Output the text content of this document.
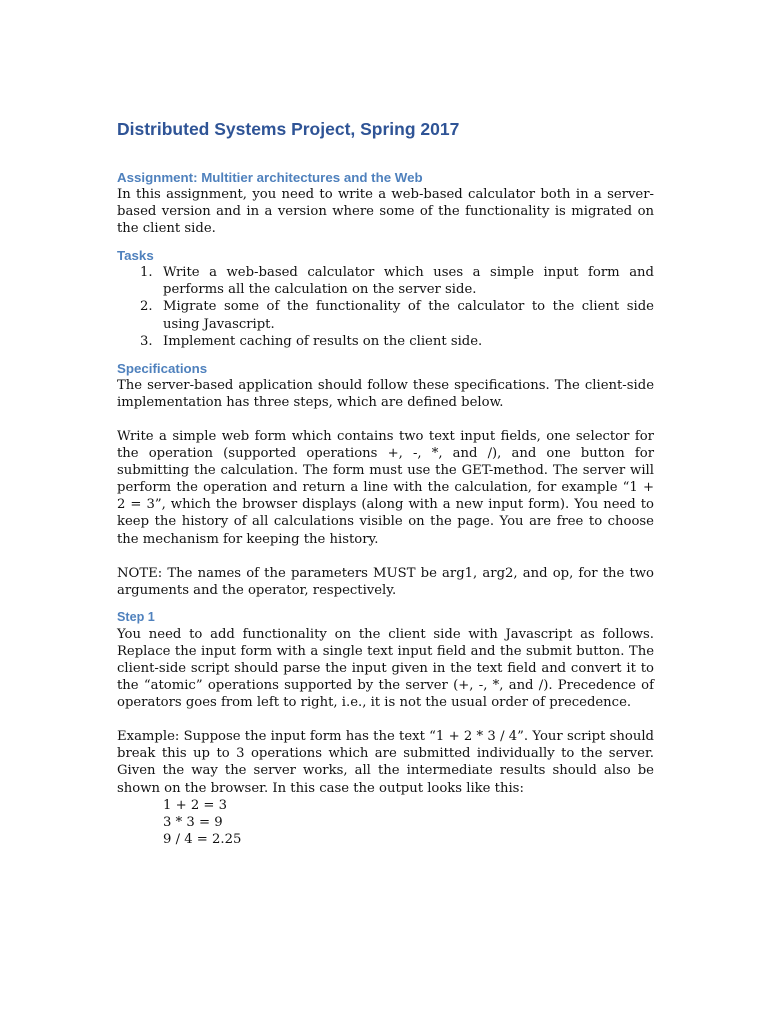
Distributed Systems Project, Spring 2017
Assignment: Multitier architectures and the Web

In this assignment, you need to write a web-based calculator both in a server-based version and in a version where some of the functionality is migrated on the client side.

Tasks
1. Write a web-based calculator which uses a simple input form and performs all the calculation on the server side.
2. Migrate some of the functionality of the calculator to the client side using Javascript.
3. Implement caching of results on the client side.
Specifications

The server-based application should follow these specifications. The client-side implementation has three steps, which are defined below.

Write a simple web form which contains two text input fields, one selector for the operation (supported operations +, -, *, and /), and one button for submitting the calculation. The form must use the GET-method. The server will perform the operation and return a line with the calculation, for example “1 + 2 = 3”, which the browser displays (along with a new input form). You need to keep the history of all calculations visible on the page. You are free to choose the mechanism for keeping the history.

NOTE: The names of the parameters MUST be arg1, arg2, and op, for the two arguments and the operator, respectively.

Step 1

You need to add functionality on the client side with Javascript as follows. Replace the input form with a single text input field and the submit button. The client-side script should parse the input given in the text field and convert it to the “atomic” operations supported by the server (+, -, *, and /). Precedence of operators goes from left to right, i.e., it is not the usual order of precedence.

Example: Suppose the input form has the text “1 + 2 * 3 / 4”. Your script should break this up to 3 operations which are submitted individually to the server. Given the way the server works, all the intermediate results should also be shown on the browser. In this case the output looks like this:

1 + 2 = 3
3 * 3 = 9
9 / 4 = 2.25
